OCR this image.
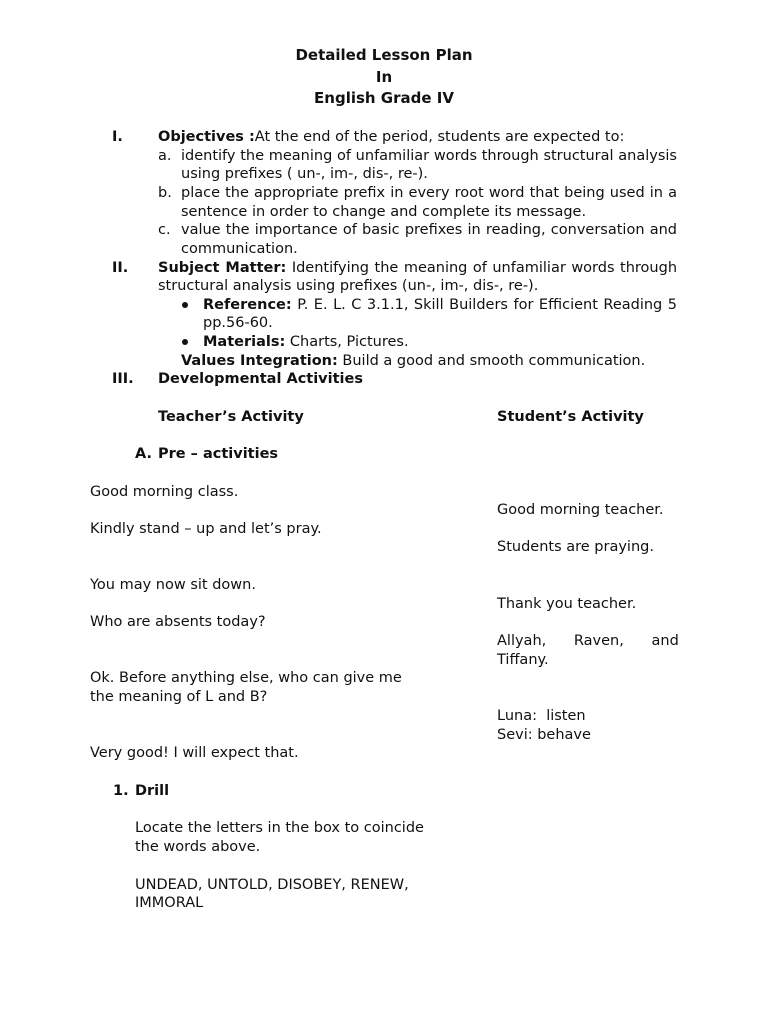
Detailed Lesson Plan
In
English Grade IV
I. Objectives :At the end of the period, students are expected to:
a. identify the meaning of unfamiliar words through structural analysis
using prefixes ( un-, im-, dis-, re-).
b. place the appropriate prefix in every root word that being used in a
sentence in order to change and complete its message.
c. value the importance of basic prefixes in reading, conversation and
communication.
II. Subject Matter: Identifying the meaning of unfamiliar words through
structural analysis using prefixes (un-, im-, dis-, re-).
Reference: P. E. L. C 3.1.1, Skill Builders for Efficient Reading 5
pp.56-60.
Materials: Charts, Pictures.
Values Integration: Build a good and smooth communication.
III. Developmental Activities
Teacher’s Activity	Student’s Activity
A. Pre – activities
Good morning class.
Kindly stand – up and let’s pray.
You may now sit down.
Who are absents today?
Ok. Before anything else, who can give me
the meaning of L and B?
Very good! I will expect that.
Good morning teacher.
Students are praying.
Thank you teacher.
Allyah,      Raven,      and
Tiffany.
Luna:  listen
Sevi: behave
1. Drill
Locate the letters in the box to coincide
the words above.
UNDEAD, UNTOLD, DISOBEY, RENEW,
IMMORAL
